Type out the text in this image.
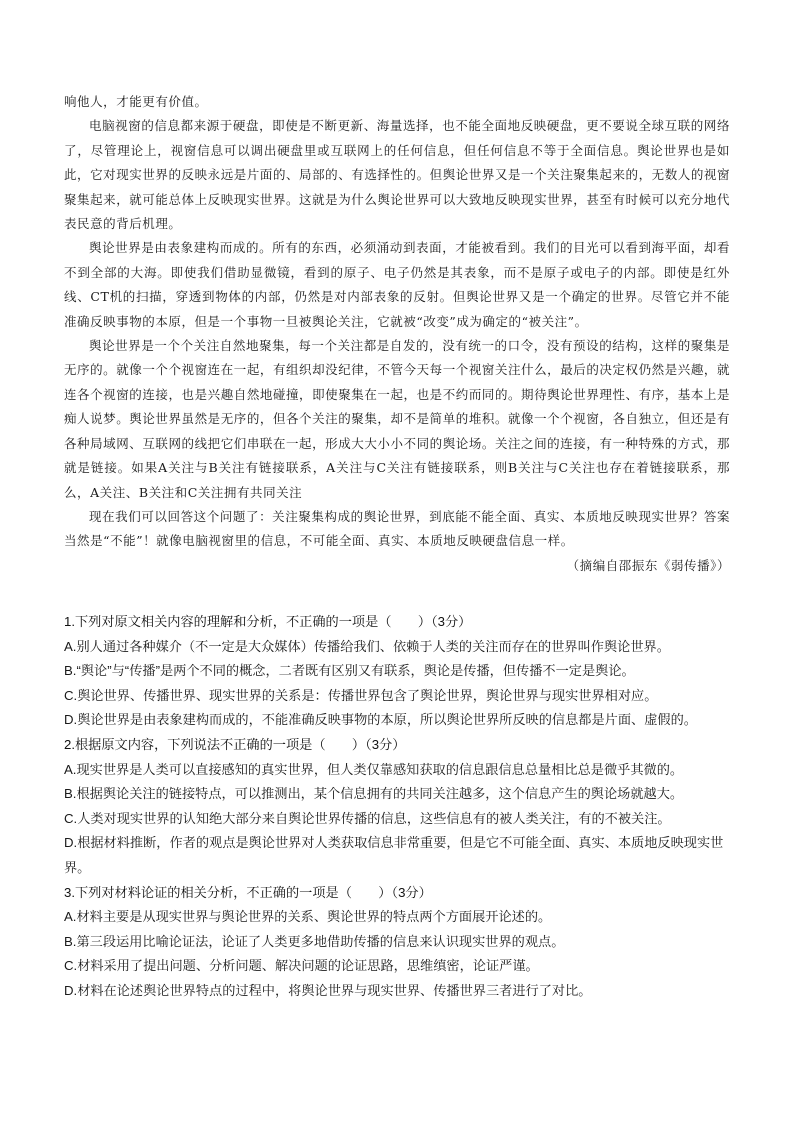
响他人，才能更有价值。

电脑视窗的信息都来源于硬盘，即使是不断更新、海量选择，也不能全面地反映硬盘，更不要说全球互联的网络了，尽管理论上，视窗信息可以调出硬盘里或互联网上的任何信息，但任何信息不等于全面信息。舆论世界也是如此，它对现实世界的反映永远是片面的、局部的、有选择性的。但舆论世界又是一个关注聚集起来的，无数人的视窗聚集起来，就可能总体上反映现实世界。这就是为什么舆论世界可以大致地反映现实世界，甚至有时候可以充分地代表民意的背后机理。

舆论世界是由表象建构而成的。所有的东西，必须涌动到表面，才能被看到。我们的目光可以看到海平面，却看不到全部的大海。即使我们借助显微镜，看到的原子、电子仍然是其表象，而不是原子或电子的内部。即使是红外线、CT机的扫描，穿透到物体的内部，仍然是对内部表象的反射。但舆论世界又是一个确定的世界。尽管它并不能准确反映事物的本原，但是一个事物一旦被舆论关注，它就被“改变”成为确定的“被关注”。

舆论世界是一个个关注自然地聚集，每一个关注都是自发的，没有统一的口令，没有预设的结构，这样的聚集是无序的。就像一个个视窗连在一起，有组织却没纪律，不管今天每一个视窗关注什么，最后的决定权仍然是兴趣，就连各个视窗的连接，也是兴趣自然地碰撞，即使聚集在一起，也是不约而同的。期待舆论世界理性、有序，基本上是痴人说梦。舆论世界虽然是无序的，但各个关注的聚集，却不是简单的堆积。就像一个个视窗，各自独立，但还是有各种局域网、互联网的线把它们串联在一起，形成大大小小不同的舆论场。关注之间的连接，有一种特殊的方式，那就是链接。如果A关注与B关注有链接联系，A关注与C关注有链接联系，则B关注与C关注也存在着链接联系，那么，A关注、B关注和C关注拥有共同关注

现在我们可以回答这个问题了：关注聚集构成的舆论世界，到底能不能全面、真实、本质地反映现实世界？答案当然是“不能”！就像电脑视窗里的信息，不可能全面、真实、本质地反映硬盘信息一样。

（摘编自邵振东《弱传播》）

1.下列对原文相关内容的理解和分析，不正确的一项是（　　）（3分）

A.别人通过各种媒介（不一定是大众媒体）传播给我们、依赖于人类的关注而存在的世界叫作舆论世界。

B.“舆论”与“传播”是两个不同的概念，二者既有区别又有联系，舆论是传播，但传播不一定是舆论。

C.舆论世界、传播世界、现实世界的关系是：传播世界包含了舆论世界，舆论世界与现实世界相对应。

D.舆论世界是由表象建构而成的，不能准确反映事物的本原，所以舆论世界所反映的信息都是片面、虚假的。

2.根据原文内容，下列说法不正确的一项是（　　）（3分）

A.现实世界是人类可以直接感知的真实世界，但人类仅靠感知获取的信息跟信息总量相比总是微乎其微的。

B.根据舆论关注的链接特点，可以推测出，某个信息拥有的共同关注越多，这个信息产生的舆论场就越大。

C.人类对现实世界的认知绝大部分来自舆论世界传播的信息，这些信息有的被人类关注，有的不被关注。

D.根据材料推断，作者的观点是舆论世界对人类获取信息非常重要，但是它不可能全面、真实、本质地反映现实世界。

3.下列对材料论证的相关分析，不正确的一项是（　　）（3分）

A.材料主要是从现实世界与舆论世界的关系、舆论世界的特点两个方面展开论述的。

B.第三段运用比喻论证法，论证了人类更多地借助传播的信息来认识现实世界的观点。

C.材料采用了提出问题、分析问题、解决问题的论证思路，思维缜密，论证严谨。

D.材料在论述舆论世界特点的过程中，将舆论世界与现实世界、传播世界三者进行了对比。
